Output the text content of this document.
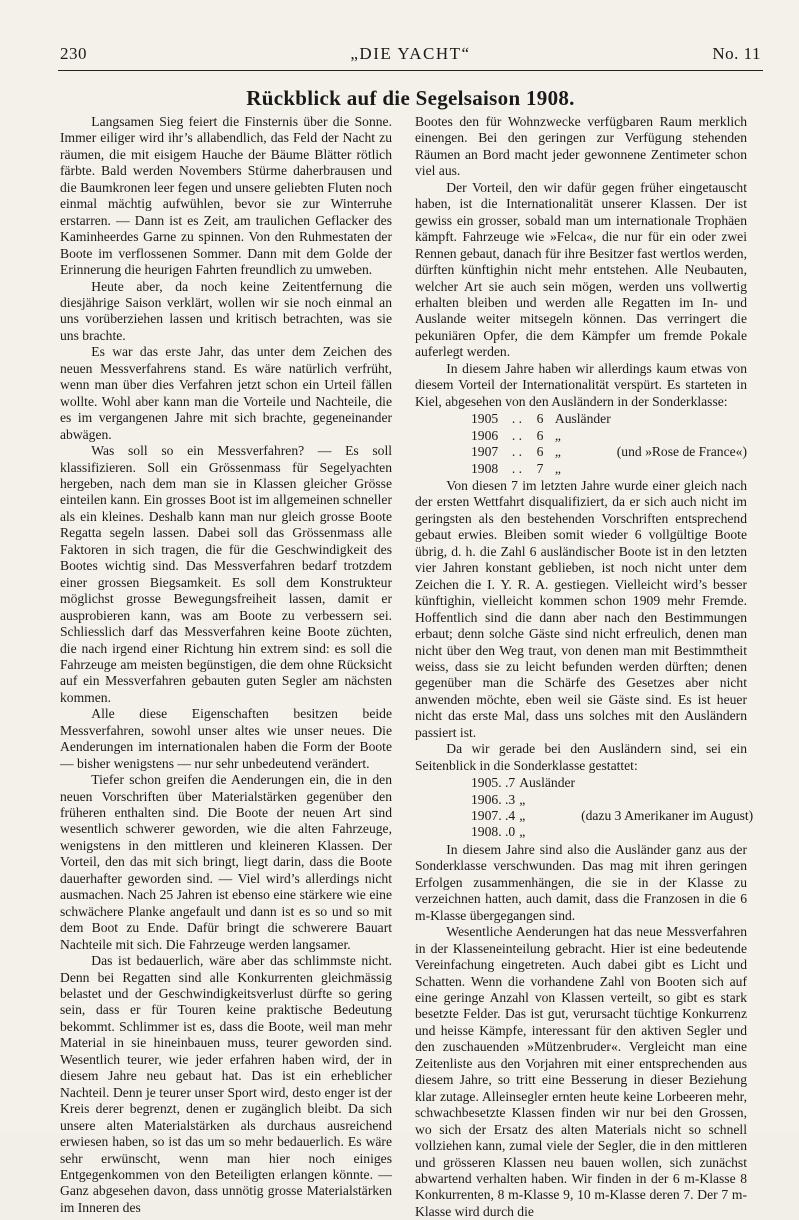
230	„DIE YACHT“	No. 11
Rückblick auf die Segelsaison 1908.

Langsamen Sieg feiert die Finsternis über die Sonne. Immer eiliger wird ihr’s allabendlich, das Feld der Nacht zu räumen, die mit eisigem Hauche der Bäume Blätter rötlich färbte. Bald werden Novembers Stürme daherbrausen und die Baumkronen leer fegen und unsere geliebten Fluten noch einmal mächtig aufwühlen, bevor sie zur Winterruhe erstarren. — Dann ist es Zeit, am traulichen Geflacker des Kaminheerdes Garne zu spinnen. Von den Ruhmestaten der Boote im verflossenen Sommer. Dann mit dem Golde der Erinnerung die heurigen Fahrten freundlich zu umweben.

Heute aber, da noch keine Zeitentfernung die diesjährige Saison verklärt, wollen wir sie noch einmal an uns vorüberziehen lassen und kritisch betrachten, was sie uns brachte.

Es war das erste Jahr, das unter dem Zeichen des neuen Messverfahrens stand. Es wäre natürlich verfrüht, wenn man über dies Verfahren jetzt schon ein Urteil fällen wollte. Wohl aber kann man die Vorteile und Nachteile, die es im vergangenen Jahre mit sich brachte, gegeneinander abwägen.

Was soll so ein Messverfahren? — Es soll klassifizieren. Soll ein Grössenmass für Segelyachten hergeben, nach dem man sie in Klassen gleicher Grösse einteilen kann. Ein grosses Boot ist im allgemeinen schneller als ein kleines. Deshalb kann man nur gleich grosse Boote Regatta segeln lassen. Dabei soll das Grössenmass alle Faktoren in sich tragen, die für die Geschwindigkeit des Bootes wichtig sind. Das Messverfahren bedarf trotzdem einer grossen Biegsamkeit. Es soll dem Konstrukteur möglichst grosse Bewegungsfreiheit lassen, damit er ausprobieren kann, was am Boote zu verbessern sei. Schliesslich darf das Messverfahren keine Boote züchten, die nach irgend einer Richtung hin extrem sind: es soll die Fahrzeuge am meisten begünstigen, die dem ohne Rücksicht auf ein Messverfahren gebauten guten Segler am nächsten kommen.

Alle diese Eigenschaften besitzen beide Messverfahren, sowohl unser altes wie unser neues. Die Aenderungen im internationalen haben die Form der Boote — bisher wenigstens — nur sehr unbedeutend verändert.

Tiefer schon greifen die Aenderungen ein, die in den neuen Vorschriften über Materialstärken gegenüber den früheren enthalten sind. Die Boote der neuen Art sind wesentlich schwerer geworden, wie die alten Fahrzeuge, wenigstens in den mittleren und kleineren Klassen. Der Vorteil, den das mit sich bringt, liegt darin, dass die Boote dauerhafter geworden sind. — Viel wird’s allerdings nicht ausmachen. Nach 25 Jahren ist ebenso eine stärkere wie eine schwächere Planke angefault und dann ist es so und so mit dem Boot zu Ende. Dafür bringt die schwerere Bauart Nachteile mit sich. Die Fahrzeuge werden langsamer.

Das ist bedauerlich, wäre aber das schlimmste nicht. Denn bei Regatten sind alle Konkurrenten gleichmässig belastet und der Geschwindigkeitsverlust dürfte so gering sein, dass er für Touren keine praktische Bedeutung bekommt. Schlimmer ist es, dass die Boote, weil man mehr Material in sie hineinbauen muss, teurer geworden sind. Wesentlich teurer, wie jeder erfahren haben wird, der in diesem Jahre neu gebaut hat. Das ist ein erheblicher Nachteil. Denn je teurer unser Sport wird, desto enger ist der Kreis derer begrenzt, denen er zugänglich bleibt. Da sich unsere alten Materialstärken als durchaus ausreichend erwiesen haben, so ist das um so mehr bedauerlich. Es wäre sehr erwünscht, wenn man hier noch einiges Entgegenkommen von den Beteiligten erlangen könnte. — Ganz abgesehen davon, dass unnötig grosse Materialstärken im Inneren des

Bootes den für Wohnzwecke verfügbaren Raum merklich einengen. Bei den geringen zur Verfügung stehenden Räumen an Bord macht jeder gewonnene Zentimeter schon viel aus.

Der Vorteil, den wir dafür gegen früher eingetauscht haben, ist die Internationalität unserer Klassen. Der ist gewiss ein grosser, sobald man um internationale Trophäen kämpft. Fahrzeuge wie »Felca«, die nur für ein oder zwei Rennen gebaut, danach für ihre Besitzer fast wertlos werden, dürften künftighin nicht mehr entstehen. Alle Neubauten, welcher Art sie auch sein mögen, werden uns vollwertig erhalten bleiben und werden alle Regatten im In- und Auslande weiter mitsegeln können. Das verringert die pekuniären Opfer, die dem Kämpfer um fremde Pokale auferlegt werden.

In diesem Jahre haben wir allerdings kaum etwas von diesem Vorteil der Internationalität verspürt. Es starteten in Kiel, abgesehen von den Ausländern in der Sonderklasse:

1905	. .	6	Ausländer	
1906	. .	6	„	
1907	. .	6	„	(und »Rose de France«)
1908	. .	7	„	

Von diesen 7 im letzten Jahre wurde einer gleich nach der ersten Wettfahrt disqualifiziert, da er sich auch nicht im geringsten als den bestehenden Vorschriften entsprechend gebaut erwies. Bleiben somit wieder 6 vollgültige Boote übrig, d. h. die Zahl 6 ausländischer Boote ist in den letzten vier Jahren konstant geblieben, ist noch nicht unter dem Zeichen die I. Y. R. A. gestiegen. Vielleicht wird’s besser künftighin, vielleicht kommen schon 1909 mehr Fremde. Hoffentlich sind die dann aber nach den Bestimmungen erbaut; denn solche Gäste sind nicht erfreulich, denen man nicht über den Weg traut, von denen man mit Bestimmtheit weiss, dass sie zu leicht befunden werden dürften; denen gegenüber man die Schärfe des Gesetzes aber nicht anwenden möchte, eben weil sie Gäste sind. Es ist heuer nicht das erste Mal, dass uns solches mit den Ausländern passiert ist.

Da wir gerade bei den Ausländern sind, sei ein Seitenblick in die Sonderklasse gestattet:

1905	. .	7	Ausländer	
1906	. .	3	„	
1907	. .	4	„	(dazu 3 Amerikaner im August)
1908	. .	0	„	

In diesem Jahre sind also die Ausländer ganz aus der Sonderklasse verschwunden. Das mag mit ihren geringen Erfolgen zusammenhängen, die sie in der Klasse zu verzeichnen hatten, auch damit, dass die Franzosen in die 6 m-Klasse übergegangen sind.

Wesentliche Aenderungen hat das neue Messverfahren in der Klasseneinteilung gebracht. Hier ist eine bedeutende Vereinfachung eingetreten. Auch dabei gibt es Licht und Schatten. Wenn die vorhandene Zahl von Booten sich auf eine geringe Anzahl von Klassen verteilt, so gibt es stark besetzte Felder. Das ist gut, verursacht tüchtige Konkurrenz und heisse Kämpfe, interessant für den aktiven Segler und den zuschauenden »Mützenbruder«. Vergleicht man eine Zeitenliste aus den Vorjahren mit einer entsprechenden aus diesem Jahre, so tritt eine Besserung in dieser Beziehung klar zutage. Alleinsegler ernten heute keine Lorbeeren mehr, schwachbesetzte Klassen finden wir nur bei den Grossen, wo sich der Ersatz des alten Materials nicht so schnell vollziehen kann, zumal viele der Segler, die in den mittleren und grösseren Klassen neu bauen wollen, sich zunächst abwartend verhalten haben. Wir finden in der 6 m-Klasse 8 Konkurrenten, 8 m-Klasse 9, 10 m-Klasse deren 7. Der 7 m-Klasse wird durch die
